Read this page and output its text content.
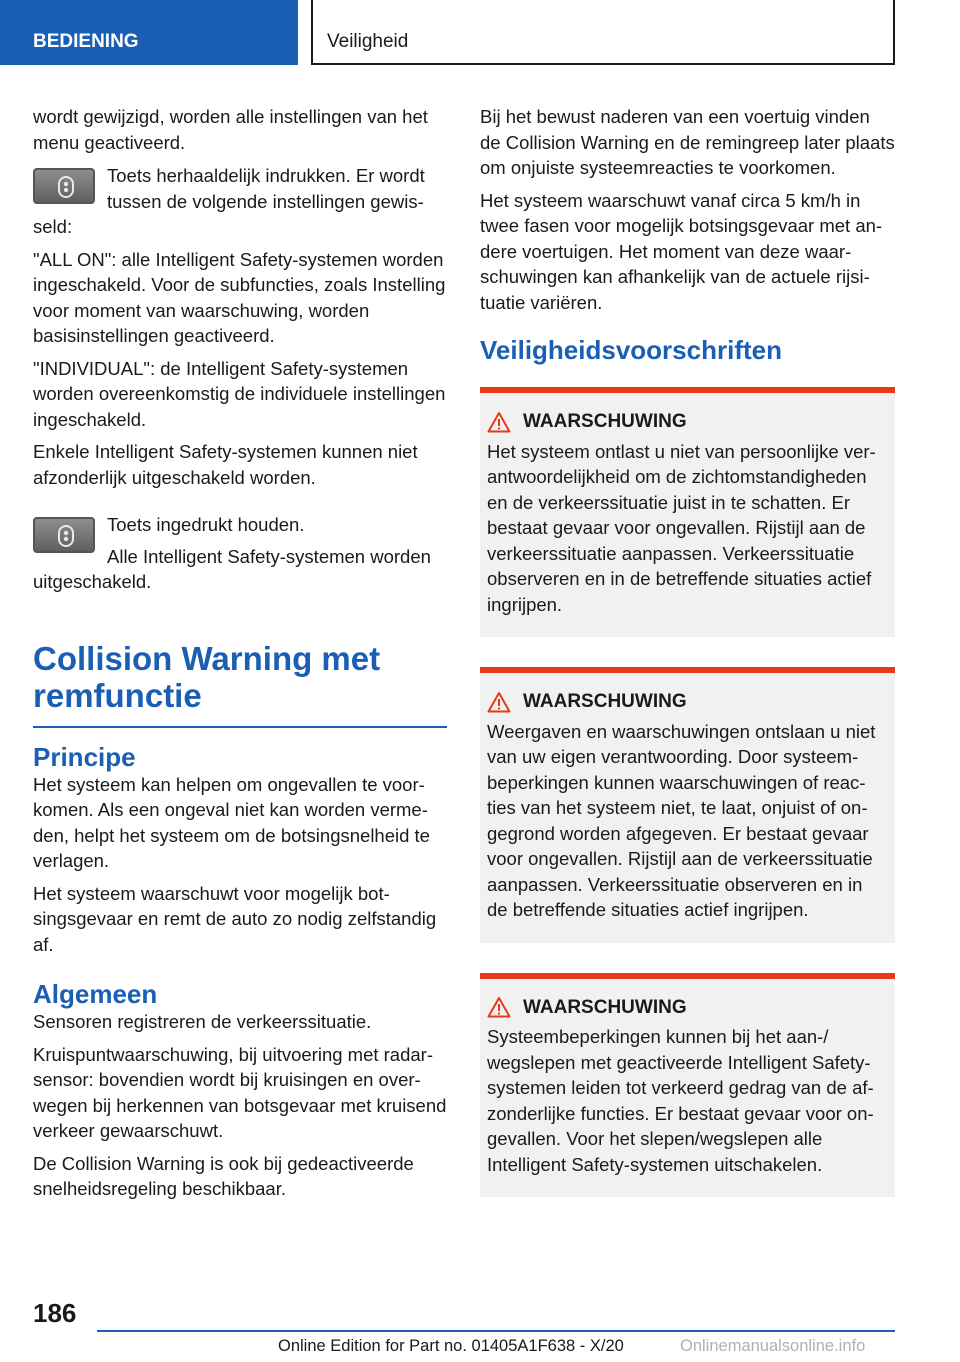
BEDIENING	Veiligheid

wordt gewijzigd, worden alle instellingen van het menu geactiveerd.

Toets herhaaldelijk indrukken. Er wordt tussen de volgende instellingen gewisseld:

"ALL ON": alle Intelligent Safety-systemen worden ingeschakeld. Voor de subfuncties, zoals Instelling voor moment van waarschuwing, worden basisinstellingen geactiveerd.

"INDIVIDUAL": de Intelligent Safety-systemen worden overeenkomstig de individuele instellingen ingeschakeld.

Enkele Intelligent Safety-systemen kunnen niet afzonderlijk uitgeschakeld worden.

Toets ingedrukt houden.

Alle Intelligent Safety-systemen worden uitgeschakeld.

Collision Warning met remfunctie
Principe

Het systeem kan helpen om ongevallen te voorkomen. Als een ongeval niet kan worden vermeden, helpt het systeem om de botsingsnelheid te verlagen.

Het systeem waarschuwt voor mogelijk botsingsgevaar en remt de auto zo nodig zelfstandig af.

Algemeen

Sensoren registreren de verkeerssituatie.

Kruispuntwaarschuwing, bij uitvoering met radarsensor: bovendien wordt bij kruisingen en overwegen bij herkennen van botsgevaar met kruisend verkeer gewaarschuwt.

De Collision Warning is ook bij gedeactiveerde snelheidsregeling beschikbaar.

Bij het bewust naderen van een voertuig vinden de Collision Warning en de remingreep later plaats om onjuiste systeemreacties te voorkomen.

Het systeem waarschuwt vanaf circa 5 km/h in twee fasen voor mogelijk botsingsgevaar met andere voertuigen. Het moment van deze waarschuwingen kan afhankelijk van de actuele rijsituatie variëren.

Veiligheidsvoorschriften
WAARSCHUWING

Het systeem ontlast u niet van persoonlijke verantwoordelijkheid om de zichtomstandigheden en de verkeerssituatie juist in te schatten. Er bestaat gevaar voor ongevallen. Rijstijl aan de verkeerssituatie aanpassen. Verkeerssituatie observeren en in de betreffende situaties actief ingrijpen.

WAARSCHUWING

Weergaven en waarschuwingen ontslaan u niet van uw eigen verantwoording. Door systeembeperkingen kunnen waarschuwingen of reacties van het systeem niet, te laat, onjuist of ongegrond worden afgegeven. Er bestaat gevaar voor ongevallen. Rijstijl aan de verkeerssituatie aanpassen. Verkeerssituatie observeren en in de betreffende situaties actief ingrijpen.

WAARSCHUWING

Systeembeperkingen kunnen bij het aan-/ wegslepen met geactiveerde Intelligent Safety-systemen leiden tot verkeerd gedrag van de afzonderlijke functies. Er bestaat gevaar voor ongevallen. Voor het slepen/wegslepen alle Intelligent Safety-systemen uitschakelen.

186
Online Edition for Part no. 01405A1F638 - X/20	Onlinemanualsonline.info
